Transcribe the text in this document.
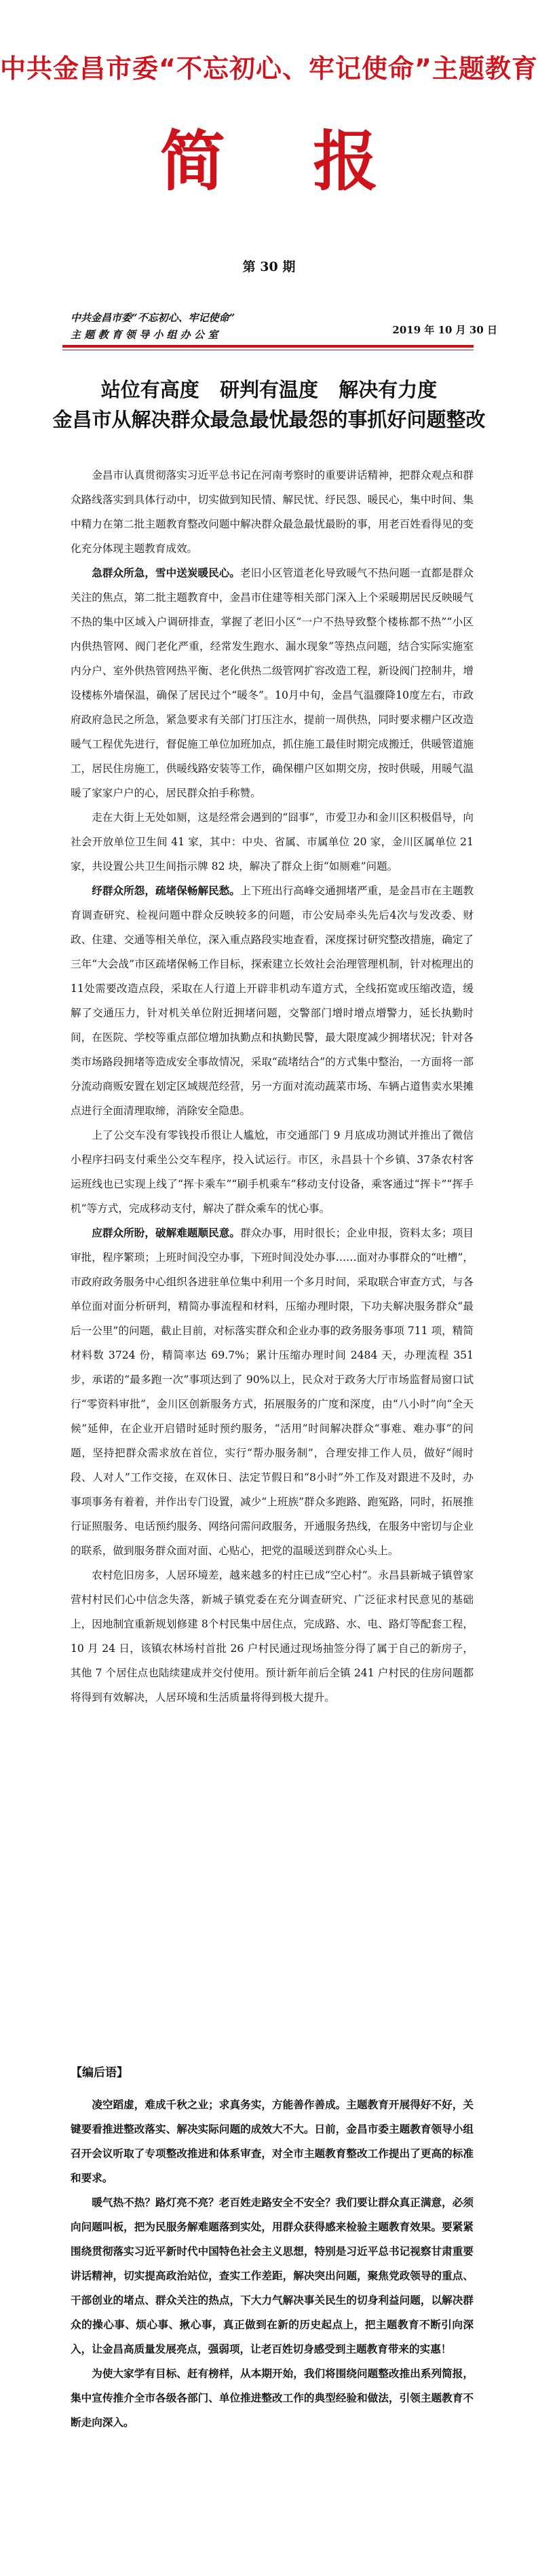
中共金昌市委“不忘初心、牢记使命”主题教育
简 报
第 30 期
中共金昌市委“不忘初心、牢记使命”
主 题 教 育 领 导 小 组 办 公 室	2019 年 10 月 30 日
站位有高度   研判有温度   解决有力度
金昌市从解决群众最急最忧最怨的事抓好问题整改

金昌市认真贯彻落实习近平总书记在河南考察时的重要讲话精神，把群众观点和群众路线落实到具体行动中，切实做到知民情、解民忧、纾民怨、暖民心，集中时间、集中精力在第二批主题教育整改问题中解决群众最急最忧最盼的事，用老百姓看得见的变化充分体现主题教育成效。

急群众所急，雪中送炭暖民心。老旧小区管道老化导致暖气不热问题一直都是群众关注的焦点，第二批主题教育中，金昌市住建等相关部门深入上个采暖期居民反映暖气不热的集中区域入户调研排查，掌握了老旧小区“一户不热导致整个楼栋都不热”“小区内供热管网、阀门老化严重，经常发生跑水、漏水现象”等热点问题，结合实际实施室内分户、室外供热管网热平衡、老化供热二级管网扩容改造工程，新设阀门控制井，增设楼栋外墙保温，确保了居民过个“暖冬”。10月中旬，金昌气温骤降10度左右，市政府政府急民之所急，紧急要求有关部门打压注水，提前一周供热，同时要求棚户区改造暖气工程优先进行，督促施工单位加班加点，抓住施工最佳时期完成搬迁，供暖管道施工，居民住房施工，供暖线路安装等工作，确保棚户区如期交房，按时供暖，用暖气温暖了家家户户的心，居民群众拍手称赞。

走在大街上无处如厕，这是经常会遇到的“囧事”，市爱卫办和金川区积极倡导，向社会开放单位卫生间 41 家，其中：中央、省属、市属单位 20 家，金川区属单位 21 家，共设置公共卫生间指示牌 82 块，解决了群众上街“如厕难”问题。

纾群众所怨，疏堵保畅解民愁。上下班出行高峰交通拥堵严重，是金昌市在主题教育调查研究、检视问题中群众反映较多的问题，市公安局牵头先后4次与发改委、财政、住建、交通等相关单位，深入重点路段实地查看，深度探讨研究整改措施，确定了三年“大会战”市区疏堵保畅工作目标，探索建立长效社会治理管理机制，针对梳理出的11处需要改造点段，采取在人行道上开辟非机动车道方式，全线拓宽或压缩改造，缓解了交通压力，针对机关单位附近拥堵问题，交警部门增时增点增警力，延长执勤时间，在医院、学校等重点部位增加执勤点和执勤民警，最大限度减少拥堵状况；针对各类市场路段拥堵等造成安全事故情况，采取“疏堵结合”的方式集中整治，一方面将一部分流动商贩安置在划定区域规范经营，另一方面对流动蔬菜市场、车辆占道售卖水果摊点进行全面清理取缔，消除安全隐患。

上了公交车没有零钱投币很让人尴尬，市交通部门 9 月底成功测试并推出了微信小程序扫码支付乘坐公交车程序，投入试运行。市区，永昌县十个乡镇、37条农村客运班线也已实现上线了“挥卡乘车”“刷手机乘车”移动支付设备，乘客通过“挥卡”“挥手机”等方式，完成移动支付，解决了群众乘车的忧心事。

应群众所盼，破解难题顺民意。群众办事，用时很长；企业申报，资料太多；项目审批，程序繁琐；上班时间没空办事，下班时间没处办事……面对办事群众的“吐槽”，市政府政务服务中心组织各进驻单位集中利用一个多月时间，采取联合审查方式，与各单位面对面分析研判，精简办事流程和材料，压缩办理时限，下功夫解决服务群众“最后一公里”的问题，截止目前，对标落实群众和企业办事的政务服务事项 711 项，精简材料数 3724 份，精简率达 69.7%；累计压缩办理时间 2484 天，办理流程 351 步，承诺的“最多跑一次”事项达到了 90%以上，民众对于政务大厅市场监督局窗口试行“零资料审批”，金川区创新服务方式，拓展服务的广度和深度，由“八小时”向“全天候”延伸，在企业开启错时延时预约服务，“活用”时间解决群众“事难、难办事”的问题，坚持把群众需求放在首位，实行“帮办服务制”，合理安排工作人员，做好“闹时段、人对人”工作交接，在双休日、法定节假日和“8小时”外工作及对跟进不及时，办事项事务有着着，并作出专门设置，减少“上班族”群众多跑路、跑冤路，同时，拓展推行证照服务、电话预约服务、网络问需问政服务，开通服务热线，在服务中密切与企业的联系，做到服务群众面对面、心贴心，把党的温暖送到群众心头上。

农村危旧房多，人居环境差，越来越多的村庄已成“空心村”。永昌县新城子镇曾家营村村民们心中信念失落，新城子镇党委在充分调查研究、广泛征求村民意见的基础上，因地制宜重新规划修建 8个村民集中居住点，完成路、水、电、路灯等配套工程，10 月 24 日，该镇农林场村首批 26 户村民通过现场抽签分得了属于自己的新房子，其他 7 个居住点也陆续建成并交付使用。预计新年前后全镇 241 户村民的住房问题都将得到有效解决，人居环境和生活质量将得到极大提升。

【编后语】

凌空蹈虚，难成千秋之业；求真务实，方能善作善成。主题教育开展得好不好，关键要看推进整改落实、解决实际问题的成效大不大。日前，金昌市委主题教育领导小组召开会议听取了专项整改推进和体系审查，对全市主题教育整改工作提出了更高的标准和要求。

暖气热不热？路灯亮不亮？老百姓走路安全不安全？我们要让群众真正满意，必须向问题叫板，把为民服务解难题落到实处，用群众获得感来检验主题教育效果。要紧紧围绕贯彻落实习近平新时代中国特色社会主义思想，特别是习近平总书记视察甘肃重要讲话精神，切实提高政治站位，查实工作差距，解决突出问题，聚焦党政领导的重点、干部创业的堵点、群众关注的热点，下大力气解决事关民生的切身利益问题，以解决群众的操心事、烦心事、揪心事，真正做到在新的历史起点上，把主题教育不断引向深入，让金昌高质量发展亮点，强弱项，让老百姓切身感受到主题教育带来的实惠！

为使大家学有目标、赶有榜样，从本期开始，我们将围绕问题整改推出系列简报，集中宣传推介全市各级各部门、单位推进整改工作的典型经验和做法，引领主题教育不断走向深入。
